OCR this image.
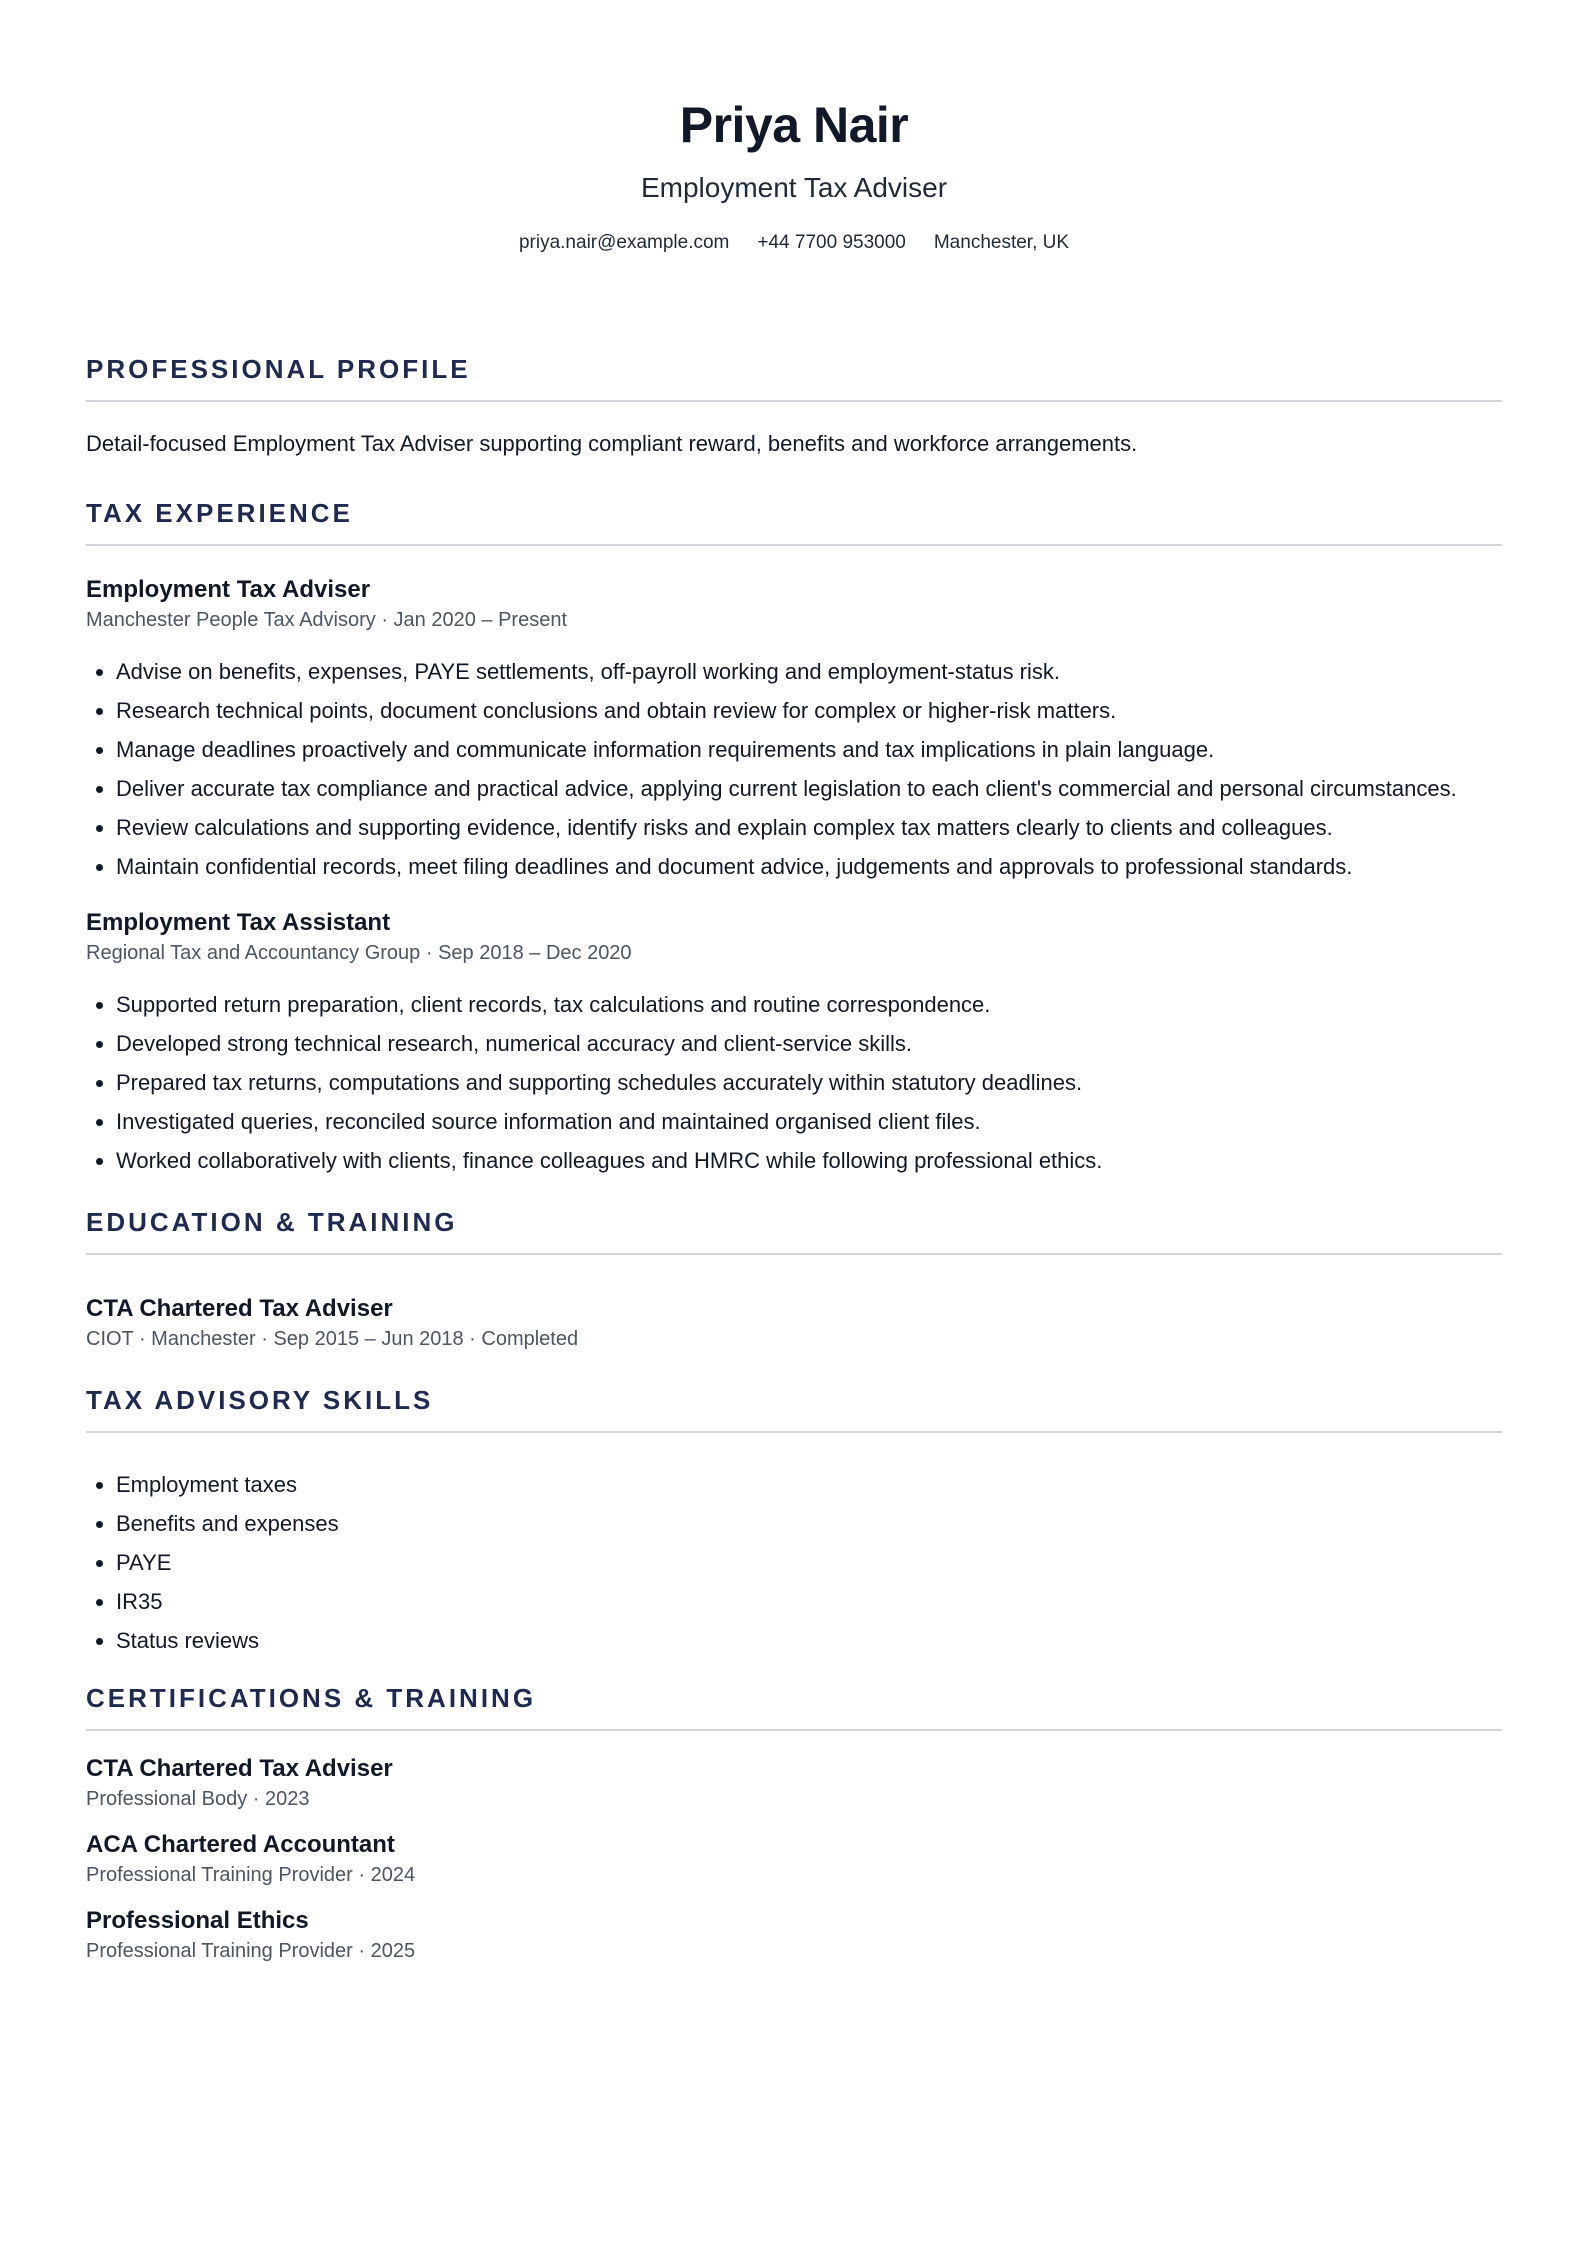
Priya Nair
Employment Tax Adviser
priya.nair@example.com +44 7700 953000 Manchester, UK
PROFESSIONAL PROFILE

Detail-focused Employment Tax Adviser supporting compliant reward, benefits and workforce arrangements.

TAX EXPERIENCE
Employment Tax Adviser
Manchester People Tax Advisory · Jan 2020 – Present
• Advise on benefits, expenses, PAYE settlements, off-payroll working and employment-status risk.
• Research technical points, document conclusions and obtain review for complex or higher-risk matters.
• Manage deadlines proactively and communicate information requirements and tax implications in plain language.
• Deliver accurate tax compliance and practical advice, applying current legislation to each client's commercial and personal circumstances.
• Review calculations and supporting evidence, identify risks and explain complex tax matters clearly to clients and colleagues.
• Maintain confidential records, meet filing deadlines and document advice, judgements and approvals to professional standards.
Employment Tax Assistant
Regional Tax and Accountancy Group · Sep 2018 – Dec 2020
• Supported return preparation, client records, tax calculations and routine correspondence.
• Developed strong technical research, numerical accuracy and client-service skills.
• Prepared tax returns, computations and supporting schedules accurately within statutory deadlines.
• Investigated queries, reconciled source information and maintained organised client files.
• Worked collaboratively with clients, finance colleagues and HMRC while following professional ethics.
EDUCATION & TRAINING
CTA Chartered Tax Adviser
CIOT · Manchester · Sep 2015 – Jun 2018 · Completed
TAX ADVISORY SKILLS
• Employment taxes
• Benefits and expenses
• PAYE
• IR35
• Status reviews
CERTIFICATIONS & TRAINING
CTA Chartered Tax Adviser
Professional Body · 2023
ACA Chartered Accountant
Professional Training Provider · 2024
Professional Ethics
Professional Training Provider · 2025
